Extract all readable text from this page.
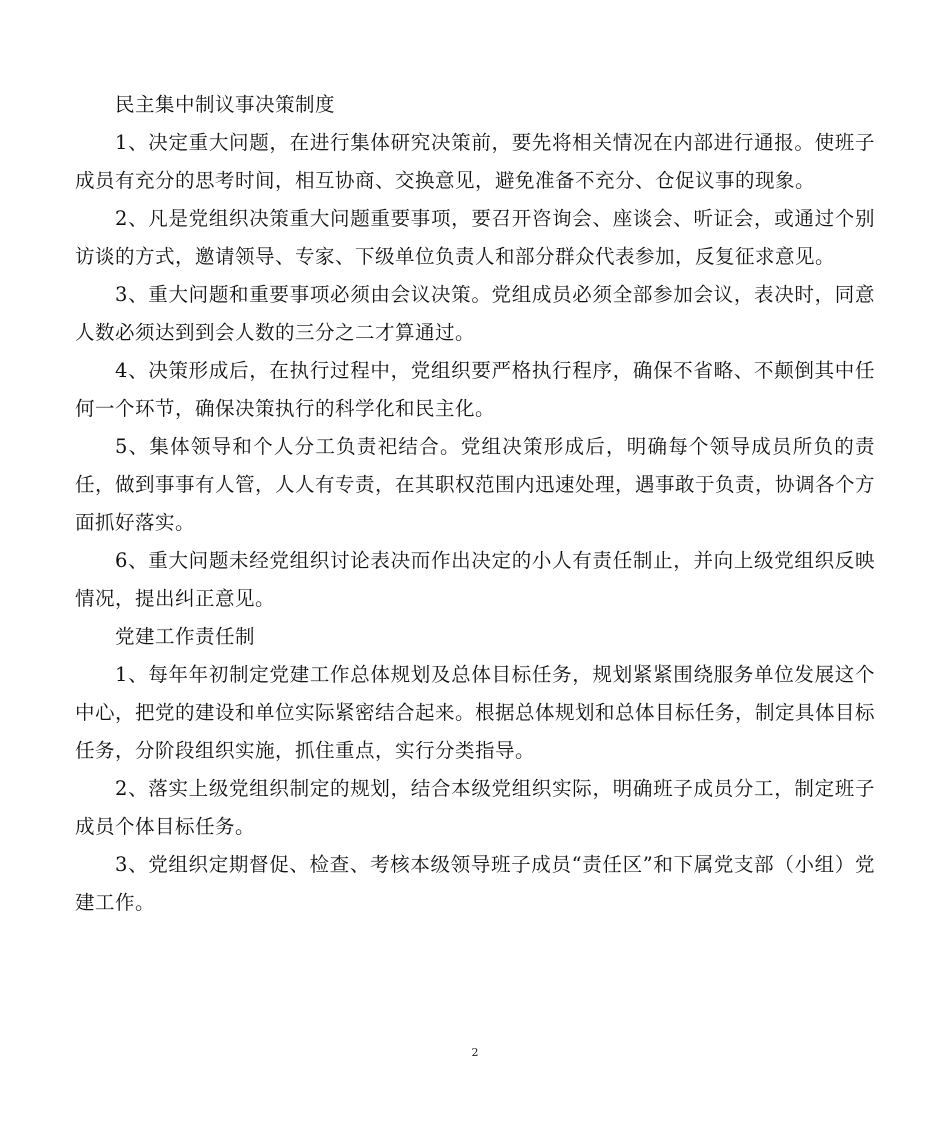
民主集中制议事决策制度

1、决定重大问题，在进行集体研究决策前，要先将相关情况在内部进行通报。使班子成员有充分的思考时间，相互协商、交换意见，避免准备不充分、仓促议事的现象。

2、凡是党组织决策重大问题重要事项，要召开咨询会、座谈会、听证会，或通过个别访谈的方式，邀请领导、专家、下级单位负责人和部分群众代表参加，反复征求意见。

3、重大问题和重要事项必须由会议决策。党组成员必须全部参加会议，表决时，同意人数必须达到到会人数的三分之二才算通过。

4、决策形成后，在执行过程中，党组织要严格执行程序，确保不省略、不颠倒其中任何一个环节，确保决策执行的科学化和民主化。

5、集体领导和个人分工负责祀结合。党组决策形成后，明确每个领导成员所负的责任，做到事事有人管，人人有专责，在其职权范围内迅速处理，遇事敢于负责，协调各个方面抓好落实。

6、重大问题未经党组织讨论表决而作出决定的小人有责任制止，并向上级党组织反映情况，提出纠正意见。

党建工作责任制

1、每年年初制定党建工作总体规划及总体目标任务，规划紧紧围绕服务单位发展这个中心，把党的建设和单位实际紧密结合起来。根据总体规划和总体目标任务，制定具体目标任务，分阶段组织实施，抓住重点，实行分类指导。

2、落实上级党组织制定的规划，结合本级党组织实际，明确班子成员分工，制定班子成员个体目标任务。

3、党组织定期督促、检查、考核本级领导班子成员“责任区”和下属党支部（小组）党建工作。

2
